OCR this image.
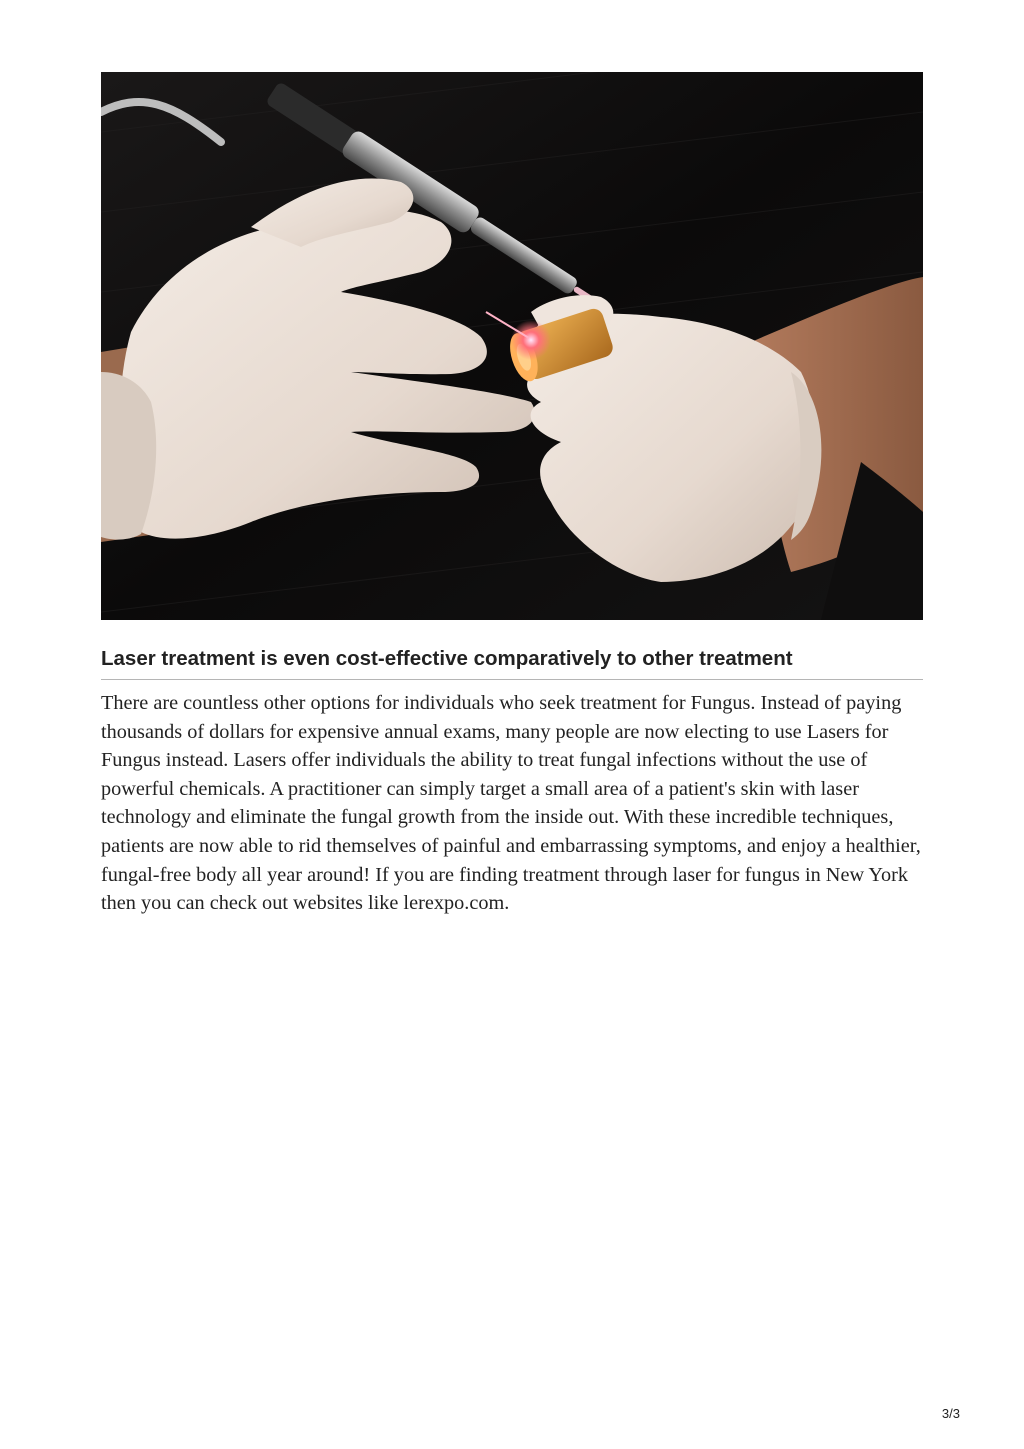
Laser treatment is even cost-effective comparatively to other treatment

There are countless other options for individuals who seek treatment for Fungus. Instead of paying thousands of dollars for expensive annual exams, many people are now electing to use Lasers for Fungus instead. Lasers offer individuals the ability to treat fungal infections without the use of powerful chemicals. A practitioner can simply target a small area of a patient's skin with laser technology and eliminate the fungal growth from the inside out. With these incredible techniques, patients are now able to rid themselves of painful and embarrassing symptoms, and enjoy a healthier, fungal-free body all year around! If you are finding treatment through laser for fungus in New York then you can check out websites like lerexpo.com.

3/3
